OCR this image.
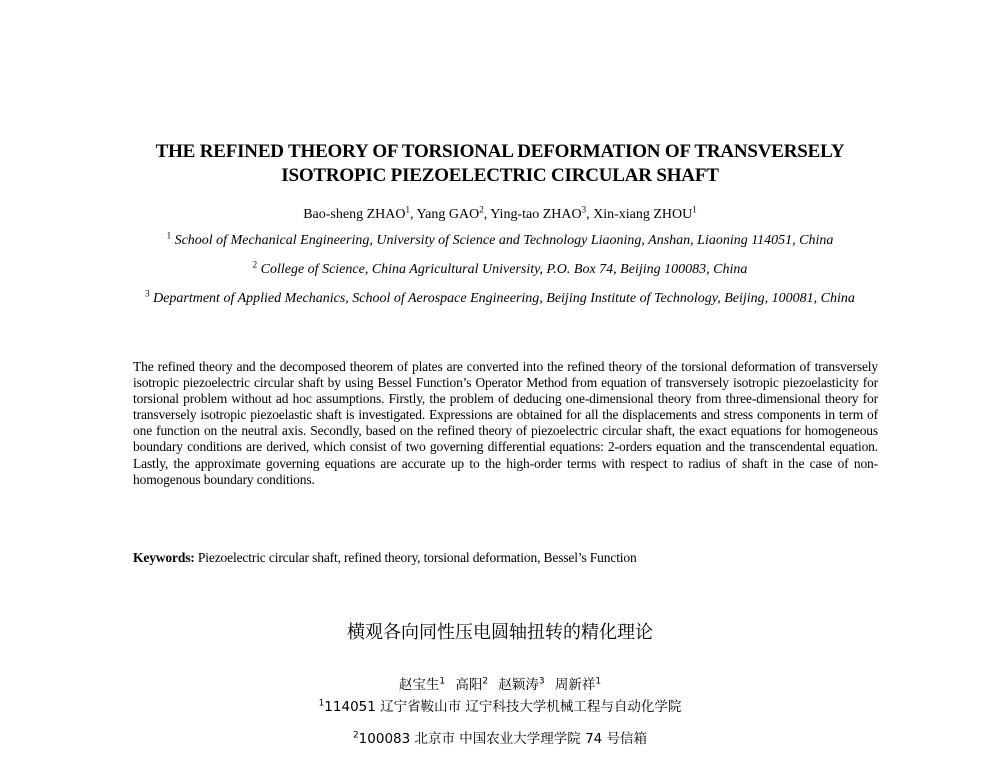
THE REFINED THEORY OF TORSIONAL DEFORMATION OF TRANSVERSELY
ISOTROPIC PIEZOELECTRIC CIRCULAR SHAFT
Bao-sheng ZHAO$^1$, Yang GAO$^2$, Ying-tao ZHAO$^3$, Xin-xiang ZHOU$^1$
$^1$ School of Mechanical Engineering, University of Science and Technology Liaoning, Anshan, Liaoning 114051, China
$^2$ College of Science, China Agricultural University, P.O. Box 74, Beijing 100083, China
$^3$ Department of Applied Mechanics, School of Aerospace Engineering, Beijing Institute of Technology, Beijing, 100081, China
The refined theory and the decomposed theorem of plates are converted into the refined theory of the torsional deformation of transversely isotropic piezoelectric circular shaft by using Bessel Function’s Operator Method from equation of transversely isotropic piezoelasticity for torsional problem without ad hoc assumptions. Firstly, the problem of deducing one-dimensional theory from three-dimensional theory for transversely isotropic piezoelastic shaft is investigated. Expressions are obtained for all the displacements and stress components in term of one function on the neutral axis. Secondly, based on the refined theory of piezoelectric circular shaft, the exact equations for homogeneous boundary conditions are derived, which consist of two governing differential equations: 2-orders equation and the transcendental equation. Lastly, the approximate governing equations are accurate up to the high-order terms with respect to radius of shaft in the case of non-homogenous boundary conditions.
Keywords: Piezoelectric circular shaft, refined theory, torsional deformation, Bessel’s Function
横观各向同性压电圆轴扭转的精化理论
赵宝生$^1$ 高阳$^2$ 赵颖涛$^3$ 周新祥$^1$
$^1$114051 辽宁省鞍山市 辽宁科技大学机械工程与自动化学院
$^2$100083 北京市 中国农业大学理学院 74 号信箱
